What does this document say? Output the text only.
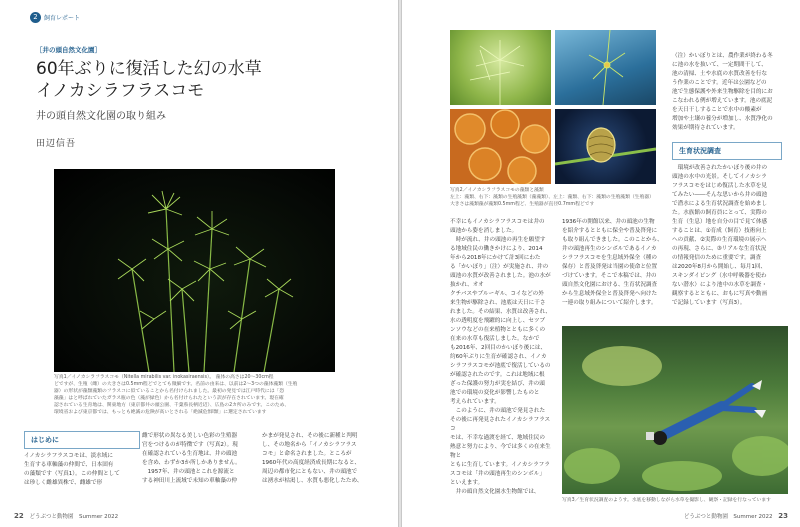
2	飼育レポート
［井の頭自然文化園］
60年ぶりに復活した幻の水草
イノカシラフラスコモ
井の頭自然文化園の取り組み
田辺信吾
写真1／イノカシラフラスコモ（Nitella mirabilis var. inokasiraensis）。 藻体の高さは20～30cm程
どですが、生殖（雌）の大きさは0.5mm程どでとても微細です。名前の由来は、以前は2～3つの藻体藻類（生殖
器）の形状が藻類藻類のフラスコに似ていることから名付けられました。最初の発見では江戸時代には「恐
藻藻」はと呼ばれていたガラス瓶の色（藻が緑色）から名付けられたという訳が存在されています。現在確
認されている生育地は、関東地方（東京都井の頭公園、千葉県長柄近辺）、広島の2カ所のみです。このため、
環境省および東京都では、もっとも絶滅の危険が高いとされる「絶滅危惧Ⅰ類」に選定されています
はじめに
イノカシラフラスコモは、淡水域に
生育する車軸藻の仲間で、日本固有
の藻類です（写真1）。この仲間として
は珍しく雌雄異株で、雌雄で形
雌で形状の異なる美しい色彩の生殖器
官をつけるのが特徴です（写真2）。現
在確認されている生育地は、井の頭池
を含め、わずか3か所しかありません。
　1957年、井の頭池とこれを源流と
する神田川上流域で未知の車軸藻の仲
かまが発見され、その後に新種と判明
し、その地名から「イノカシラフラス
コモ」と命名されました。ところが
1960年代の高度経済成長期になると、
周辺の都市化にともない、井の頭池で
は湧水が枯渇し、水質も悪化したため、
22 どうぶつと動物園　Summer 2022
写真2／イノカシラフラスコモの藻類と藻類
左上：藻類、右下：藻類の生殖藻類（藻藻類）、左上：藻類、右下：藻類の生殖藻類（生殖器）
大きさは藻類藻が藻類0.5mm程ど、生殖器が直径0.7mm程どです
（注）かいぼりとは、農作業が終わる冬
に池の水を抜いて、一定期間干して、
池の清掃、土や水底の水質改善を行な
う作業のことです。近年は公園などの
池で生態保護や外来生物駆除を目的にお
こなわれる例が増えています。池の底泥
を天日干しすることで水中の酸素が
増加や土壌の養分が増加し、水質浄化の
効果が期待されています。
生育状況調査
　環境が改善されたかいぼり後の井の
頭池の水中の光景。そしてイノカシラ
フラスコモをはじめ復活した水草を見
てみたい――そんな思いから井の頭池
で潜水による生育状況調査を始めまし
た。水族館の飼育員にとって、実際の
生育（生息）地を自分の目で見て体感
することは、①育成（飼育）技術向上
への貢献、②実際の生育環境の展示へ
の再現、さらに、③リアルな生育状況
の情報発信のために重要です。調査
は2020年8月から開始し、毎月1回、
スキンダイビング（水中呼吸器を使わ
ない潜水）により池中の水草を調査・
観察するとともに、おもに写真や動画
で記録しています（写真3）。
不幸にもイノカシラフラスコモは井の
頭池から姿を消しました。
　時が流れ、井の頭池の再生を願望す
る地域住民の働きかけにより、2014
年から2018年にかけて計3回にわた
る「かいぼり」（注）が実施され、井の
頭池の水質が改善されました。池の水が抜かれ、オオ
クチバスやブルーギル、コイなどの外
来生物が駆除され、池底は天日に干さ
れました。その結果、水質は改善され、
水の透明度を飛躍的に向上し、セツブ
ンソウなどの在来植物とともに多くの
在来の水草も復活しました。なかで
も2016年、2回目のかいぼり後には、
約60年ぶりに生育が確認され、イノカ
シラフラスコモが池底で復活しているの
が確認されたのです。これは地域に根
ざった保護の努力が実を結び、井の頭
池での環境の変化が影響したものと
考えられています。
　このように、井の頭池で発見された
その後に再発見されたイノカシラフラスコ
モは、不幸な過渡を経て、地域住民の
熱意と努力により、今では多くの在来生物と
ともに生育しています。イノカシラフラ
スコモは「井の頭池再生のシンボル」
といえます。
　井の頭自然文化園水生物館では、
1936年の開館以来、井の頭池の生物
を紹介するとともに保全や普及啓発に
も取り組んできました。このことから、
井の頭池再生のシンボルであるイノカ
シラフラスコモを生息域外保全（種の
保存）と普及啓発は当園の使命と位置
づけています。そこで本稿では、井の
頭自然文化園における、生育状況調査
から生息域外保全と普及啓発へ向けた
一連の取り組みについて紹介します。
写真3／生育状況調査のようす。水底を移動しながら水草を撮影し、観察・記録を行なっています
どうぶつと動物園　Summer 2022 23
